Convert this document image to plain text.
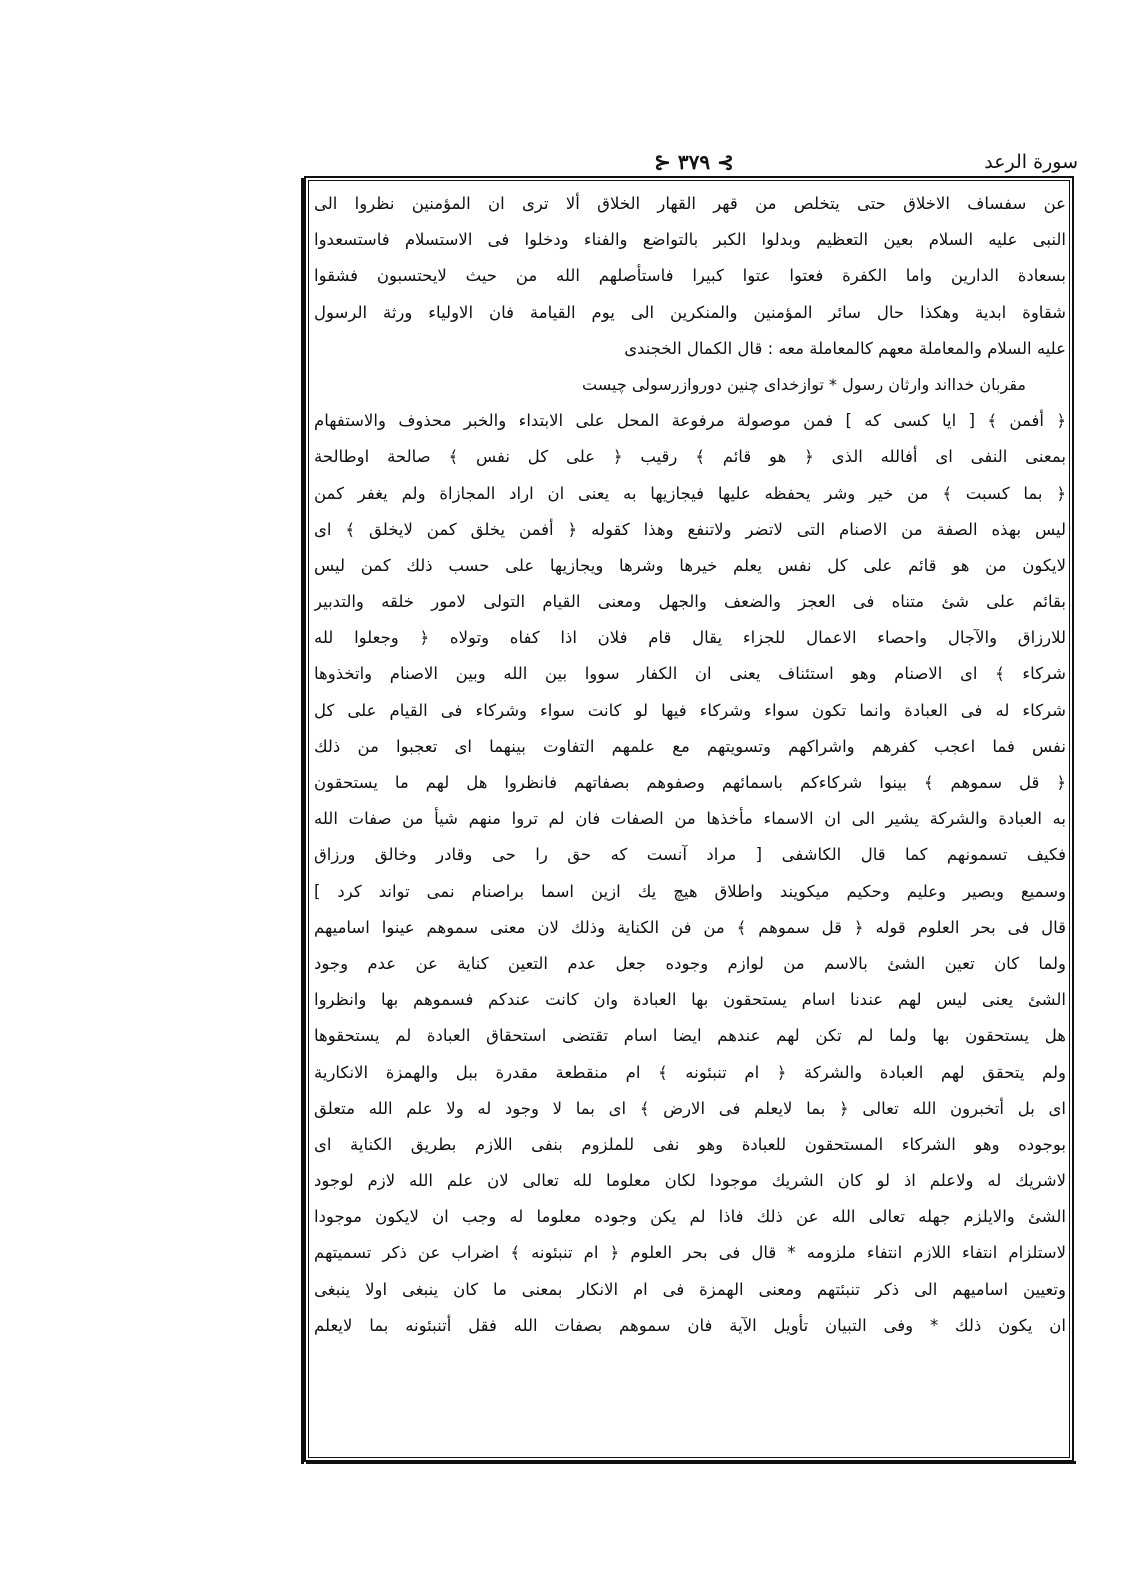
⊱ ٣٧٩ ⊰	سورة الرعد
عن سفساف الاخلاق حتى يتخلص من قهر القهار الخلاق ألا ترى ان المؤمنين نظروا الى
النبى عليه السلام بعين التعظيم وبدلوا الكبر بالتواضع والفناء ودخلوا فى الاستسلام فاستسعدوا
بسعادة الدارين واما الكفرة فعتوا عتوا كبيرا فاستأصلهم الله من حيث لايحتسبون فشقوا
شقاوة ابدية وهكذا حال سائر المؤمنين والمنكرين الى يوم القيامة فان الاولياء ورثة الرسول
عليه السلام والمعاملة معهم كالمعاملة معه : قال الكمال الخجندى
مقربان خدااند وارثان رسول * توازخداى چنين دوروازرسولى چيست
﴿ أفمن ﴾ [ ايا كسى كه ] فمن موصولة مرفوعة المحل على الابتداء والخبر محذوف والاستفهام
بمعنى النفى اى أفالله الذى ﴿ هو قائم ﴾ رقيب ﴿ على كل نفس ﴾ صالحة اوطالحة
﴿ بما كسبت ﴾ من خير وشر يحفظه عليها فيجازيها به يعنى ان اراد المجازاة ولم يغفر كمن
ليس بهذه الصفة من الاصنام التى لاتضر ولاتنفع وهذا كقوله ﴿ أفمن يخلق كمن لايخلق ﴾ اى
لايكون من هو قائم على كل نفس يعلم خيرها وشرها ويجازيها على حسب ذلك كمن ليس
بقائم على شئ متناه فى العجز والضعف والجهل ومعنى القيام التولى لامور خلقه والتدبير
للارزاق والآجال واحصاء الاعمال للجزاء يقال قام فلان اذا كفاه وتولاه ﴿ وجعلوا لله
شركاء ﴾ اى الاصنام وهو استئناف يعنى ان الكفار سووا بين الله وبين الاصنام واتخذوها
شركاء له فى العبادة وانما تكون سواء وشركاء فيها لو كانت سواء وشركاء فى القيام على كل
نفس فما اعجب كفرهم واشراكهم وتسويتهم مع علمهم التفاوت بينهما اى تعجبوا من ذلك
﴿ قل سموهم ﴾ بينوا شركاءكم باسمائهم وصفوهم بصفاتهم فانظروا هل لهم ما يستحقون
به العبادة والشركة يشير الى ان الاسماء مأخذها من الصفات فان لم تروا منهم شيأ من صفات الله
فكيف تسمونهم كما قال الكاشفى [ مراد آنست كه حق را حى وقادر وخالق ورزاق
وسميع وبصير وعليم وحكيم ميكويند واطلاق هيچ يك ازين اسما براصنام نمى تواند كرد ]
قال فى بحر العلوم قوله ﴿ قل سموهم ﴾ من فن الكناية وذلك لان معنى سموهم عينوا اساميهم
ولما كان تعين الشئ بالاسم من لوازم وجوده جعل عدم التعين كناية عن عدم وجود
الشئ يعنى ليس لهم عندنا اسام يستحقون بها العبادة وان كانت عندكم فسموهم بها وانظروا
هل يستحقون بها ولما لم تكن لهم عندهم ايضا اسام تقتضى استحقاق العبادة لم يستحقوها
ولم يتحقق لهم العبادة والشركة ﴿ ام تنبئونه ﴾ ام منقطعة مقدرة ببل والهمزة الانكارية
اى بل أتخبرون الله تعالى ﴿ بما لايعلم فى الارض ﴾ اى بما لا وجود له ولا علم الله متعلق
بوجوده وهو الشركاء المستحقون للعبادة وهو نفى للملزوم بنفى اللازم بطريق الكناية اى
لاشريك له ولاعلم اذ لو كان الشريك موجودا لكان معلوما لله تعالى لان علم الله لازم لوجود
الشئ والايلزم جهله تعالى الله عن ذلك فاذا لم يكن وجوده معلوما له وجب ان لايكون موجودا
لاستلزام انتفاء اللازم انتفاء ملزومه * قال فى بحر العلوم ﴿ ام تنبئونه ﴾ اضراب عن ذكر تسميتهم
وتعيين اساميهم الى ذكر تنبئتهم ومعنى الهمزة فى ام الانكار بمعنى ما كان ينبغى اولا ينبغى
ان يكون ذلك * وفى التبيان تأويل الآية فان سموهم بصفات الله فقل أتنبئونه بما لايعلم
